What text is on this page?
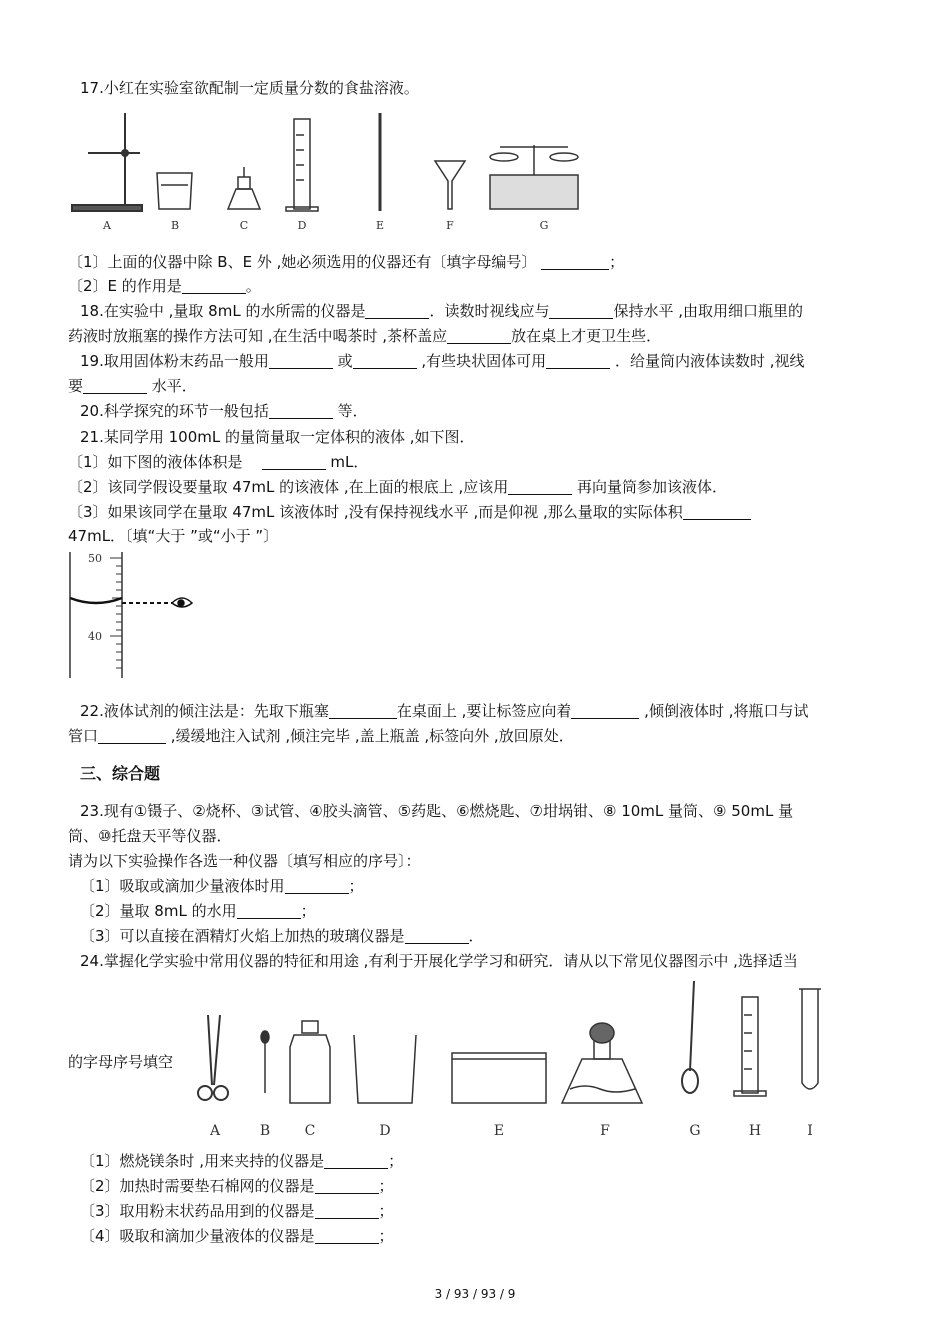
17.小红在实验室欲配制一定质量分数的食盐溶液。
A	B	C	D	E	F	G
〔1〕上面的仪器中除 B、E 外 ,她必须选用的仪器还有〔填字母编号〕	；
〔2〕E 的作用是	。
18.在实验中 ,量取 8mL 的水所需的仪器是	．读数时视线应与	保持水平 ,由取用细口瓶里的
药液时放瓶塞的操作方法可知 ,在生活中喝茶时 ,茶杯盖应	放在桌上才更卫生些．
19.取用固体粉末药品一般用	或	,有些块状固体可用	．给量筒内液体读数时 ,视线
要	水平．
20.科学探究的环节一般包括	等．
21.某同学用 100mL 的量筒量取一定体积的液体 ,如下图．
〔1〕如下图的液体体积是	mL．
〔2〕该同学假设要量取 47mL 的该液体 ,在上面的根底上 ,应该用	再向量筒参加该液体．
〔3〕如果该同学在量取 47mL 该液体时 ,没有保持视线水平 ,而是仰视 ,那么量取的实际体积
47mL．〔填“大于 ”或“小于 ”〕
50
40
22.液体试剂的倾注法是：先取下瓶塞	在桌面上 ,要让标签应向着	,倾倒液体时 ,将瓶口与试
管口	,缓缓地注入试剂 ,倾注完毕 ,盖上瓶盖 ,标签向外 ,放回原处．
三、综合题
23.现有①镊子、②烧杯、③试管、④胶头滴管、⑤药匙、⑥燃烧匙、⑦坩埚钳、⑧ 10mL 量筒、⑨ 50mL 量
筒、⑩托盘天平等仪器．
请为以下实验操作各选一种仪器〔填写相应的序号〕：
〔1〕吸取或滴加少量液体时用	；
〔2〕量取 8mL 的水用	；
〔3〕可以直接在酒精灯火焰上加热的玻璃仪器是	．
24.掌握化学实验中常用仪器的特征和用途 ,有利于开展化学学习和研究．请从以下常见仪器图示中 ,选择适当
的字母序号填空
A	B C	D	E	F	G	H	I
〔1〕燃烧镁条时 ,用来夹持的仪器是	；
〔2〕加热时需要垫石棉网的仪器是	；
〔3〕取用粉末状药品用到的仪器是	；
〔4〕吸取和滴加少量液体的仪器是	；
3 / 93 / 93 / 9
